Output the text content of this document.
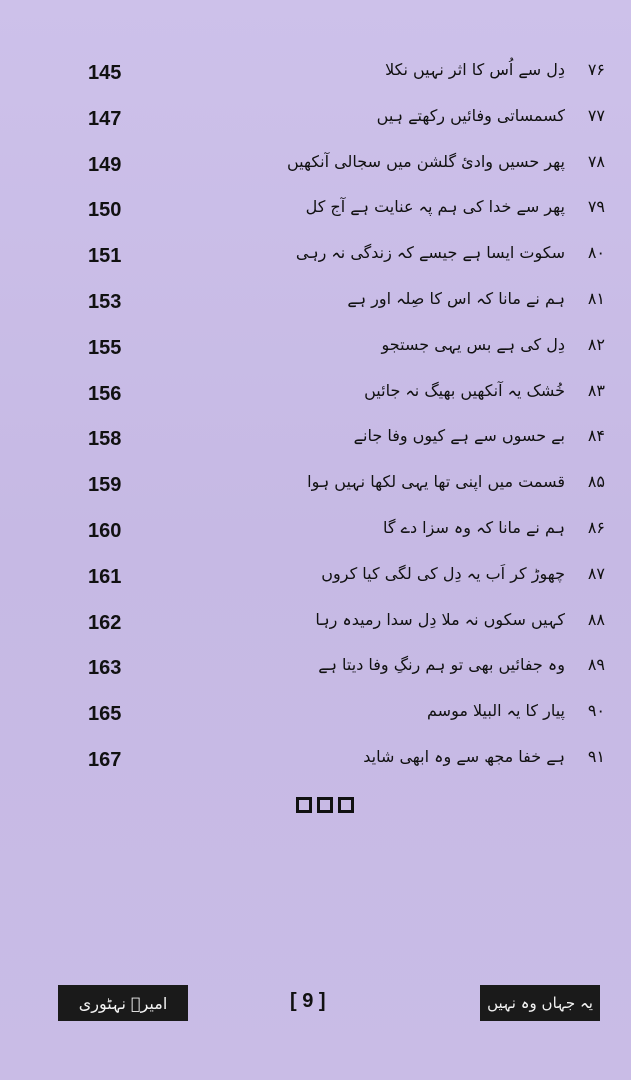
145	۷۶دِل سے اُس کا اثر نہیں نکلا
147	۷۷کسمساتی وفائیں رکھتے ہیں
149	۷۸پھر حسیں وادیٔ گلشن میں سجالی آنکھیں
150	۷۹پھر سے خدا کی ہم پہ عنایت ہے آج کل
151	۸۰سکوت ایسا ہے جیسے کہ زندگی نہ رہی
153	۸۱ہم نے مانا کہ اس کا صِلہ اور ہے
155	۸۲دِل کی ہے بس یہی جستجو
156	۸۳خُشک یہ آنکھیں بھیگ نہ جائیں
158	۸۴بے حسوں سے ہے کیوں وفا جانے
159	۸۵قسمت میں اپنی تھا یہی لکھا نہیں ہوا
160	۸۶ہم نے مانا کہ وہ سزا دے گا
161	۸۷چھوڑ کر اَب یہ دِل کی لگی کیا کروں
162	۸۸کہیں سکوں نہ ملا دِل سدا رمیدہ رہا
163	۸۹وہ جفائیں بھی تو ہم رنگِ وفا دیتا ہے
165	۹۰پیار کا یہ البیلا موسم
167	۹۱ہے خفا مجھ سے وہ ابھی شاید
امیرؔ نہٹوری	[ 9 ]	یہ جہاں وہ نہیں
